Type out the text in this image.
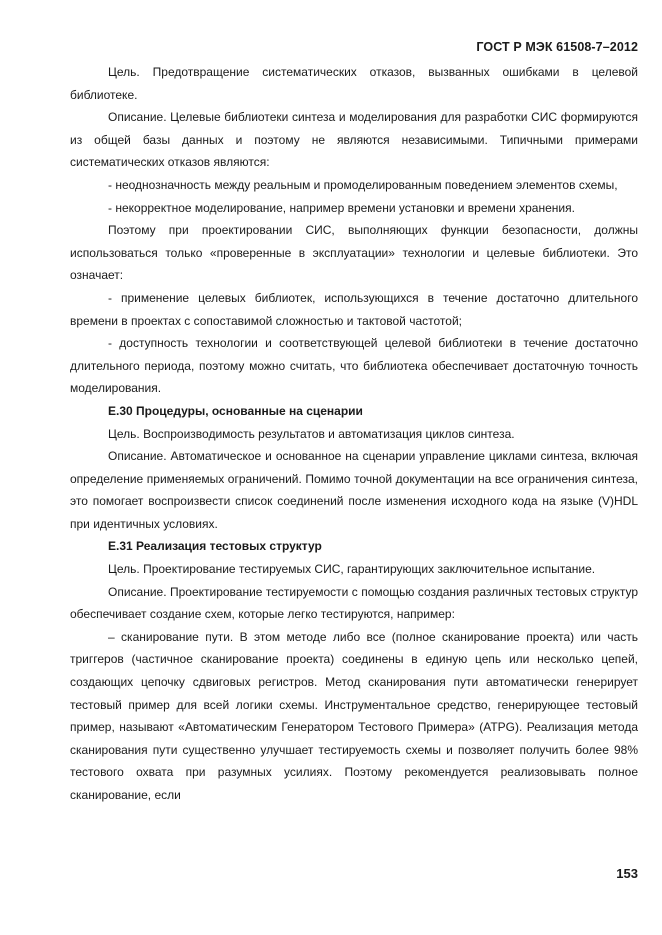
ГОСТ Р МЭК 61508-7–2012

Цель. Предотвращение систематических отказов, вызванных ошибками в целевой библиотеке.

Описание. Целевые библиотеки синтеза и моделирования для разработки СИС формируются из общей базы данных и поэтому не являются независимыми. Типичными примерами систематических отказов являются:

- неоднозначность между реальным и промоделированным поведением элементов схемы,

- некорректное моделирование, например времени установки и времени хранения.

Поэтому при проектировании СИС, выполняющих функции безопасности, должны использоваться только «проверенные в эксплуатации» технологии и целевые библиотеки. Это означает:

- применение целевых библиотек, использующихся в течение достаточно длительного времени в проектах с сопоставимой сложностью и тактовой частотой;

- доступность технологии и соответствующей целевой библиотеки в течение достаточно длительного периода, поэтому можно считать, что библиотека обеспечивает достаточную точность моделирования.

Е.30 Процедуры, основанные на сценарии

Цель. Воспроизводимость результатов и автоматизация циклов синтеза.

Описание. Автоматическое и основанное на сценарии управление циклами синтеза, включая определение применяемых ограничений. Помимо точной документации на все ограничения синтеза, это помогает воспроизвести список соединений после изменения исходного кода на языке (V)HDL при идентичных условиях.

Е.31 Реализация тестовых структур

Цель. Проектирование тестируемых СИС, гарантирующих заключительное испытание.

Описание. Проектирование тестируемости с помощью создания различных тестовых структур обеспечивает создание схем, которые легко тестируются, например:

– сканирование пути. В этом методе либо все (полное сканирование проекта) или часть триггеров (частичное сканирование проекта) соединены в единую цепь или несколько цепей, создающих цепочку сдвиговых регистров. Метод сканирования пути автоматически генерирует тестовый пример для всей логики схемы. Инструментальное средство, генерирующее тестовый пример, называют «Автоматическим Генератором Тестового Примера» (ATPG). Реализация метода сканирования пути существенно улучшает тестируемость схемы и позволяет получить более 98% тестового охвата при разумных усилиях. Поэтому рекомендуется реализовывать полное сканирование, если

153
